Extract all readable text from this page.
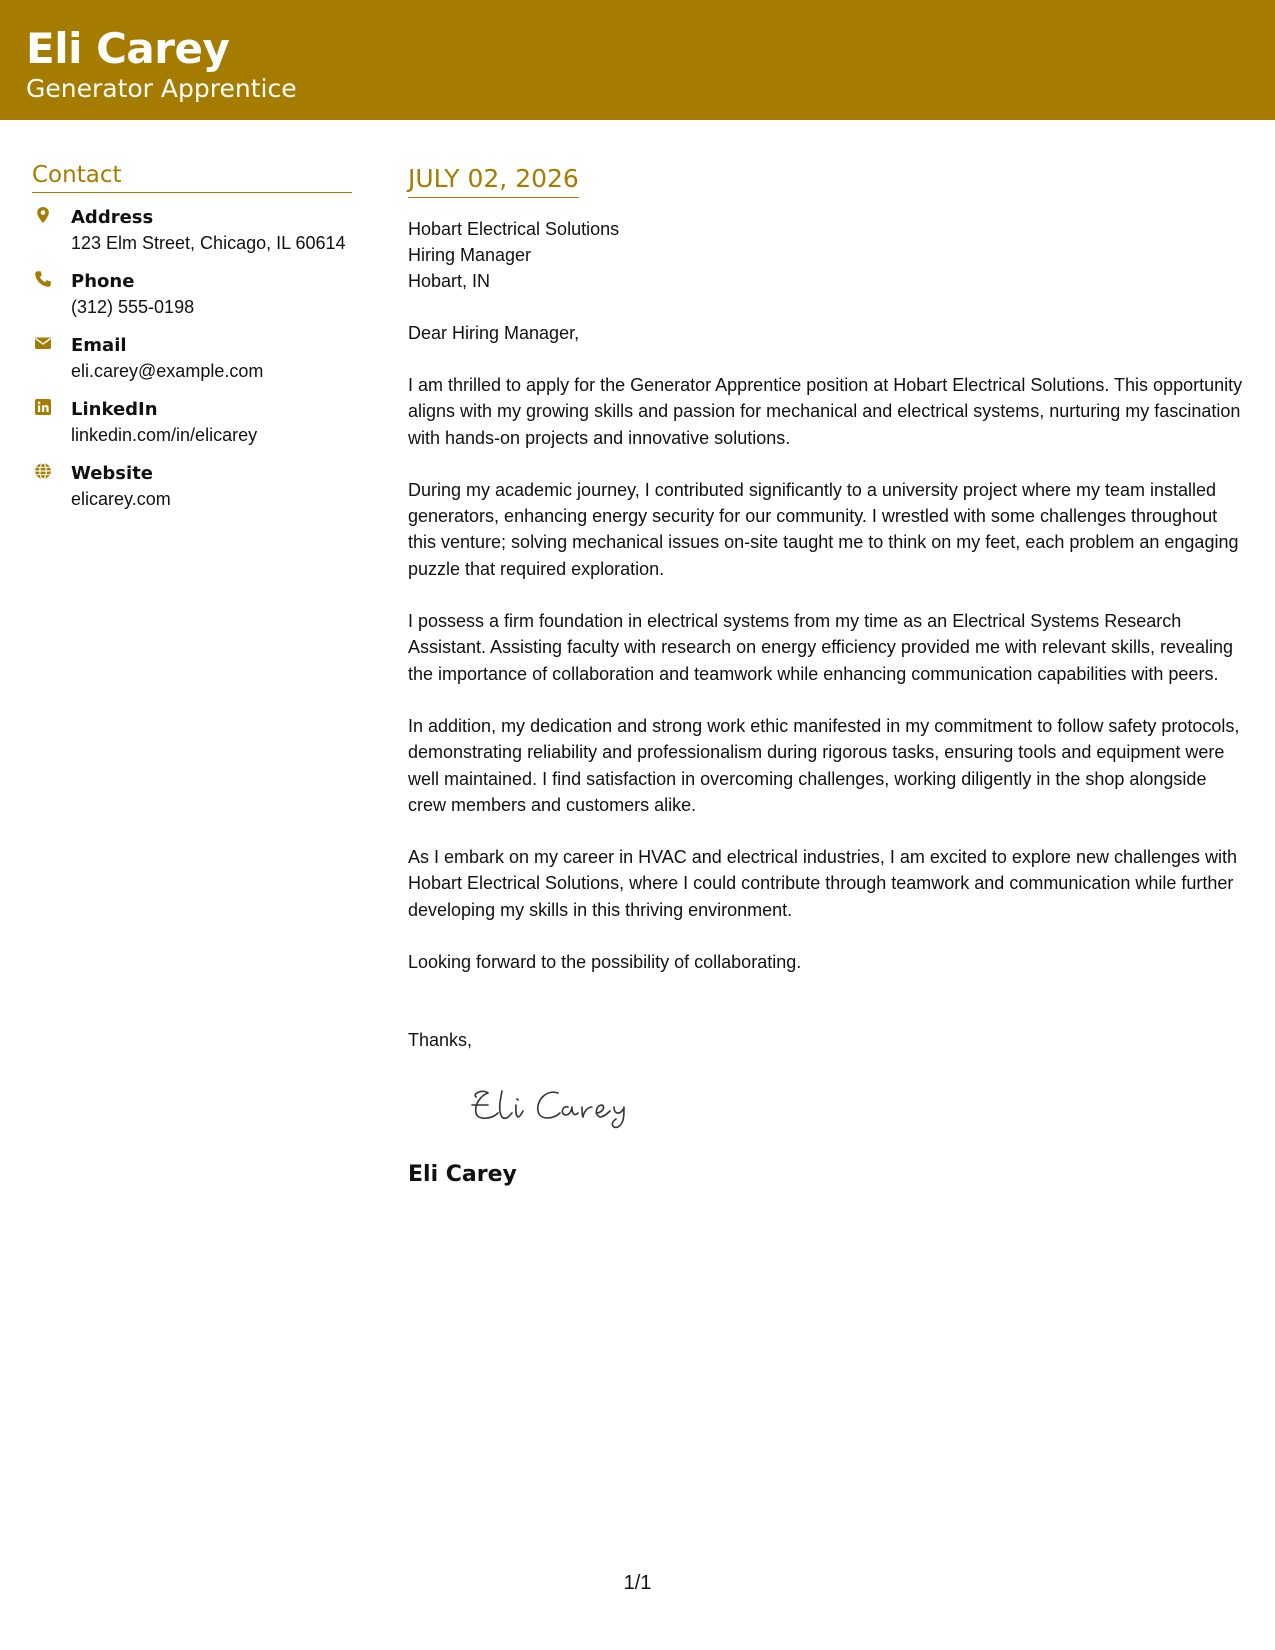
Eli Carey
Generator Apprentice
Contact
Address
123 Elm Street, Chicago, IL 60614
Phone
(312) 555-0198
Email
eli.carey@example.com
LinkedIn
linkedin.com/in/elicarey
Website
elicarey.com
JULY 02, 2026
Hobart Electrical Solutions
Hiring Manager
Hobart, IN
Dear Hiring Manager,
I am thrilled to apply for the Generator Apprentice position at Hobart Electrical Solutions. This opportunity aligns with my growing skills and passion for mechanical and electrical systems, nurturing my fascination with hands-on projects and innovative solutions.
During my academic journey, I contributed significantly to a university project where my team installed generators, enhancing energy security for our community. I wrestled with some challenges throughout this venture; solving mechanical issues on-site taught me to think on my feet, each problem an engaging puzzle that required exploration.
I possess a firm foundation in electrical systems from my time as an Electrical Systems Research Assistant. Assisting faculty with research on energy efficiency provided me with relevant skills, revealing the importance of collaboration and teamwork while enhancing communication capabilities with peers.
In addition, my dedication and strong work ethic manifested in my commitment to follow safety protocols, demonstrating reliability and professionalism during rigorous tasks, ensuring tools and equipment were well maintained. I find satisfaction in overcoming challenges, working diligently in the shop alongside crew members and customers alike.
As I embark on my career in HVAC and electrical industries, I am excited to explore new challenges with Hobart Electrical Solutions, where I could contribute through teamwork and communication while further developing my skills in this thriving environment.
Looking forward to the possibility of collaborating.
Thanks,
Eli Carey
1/1
